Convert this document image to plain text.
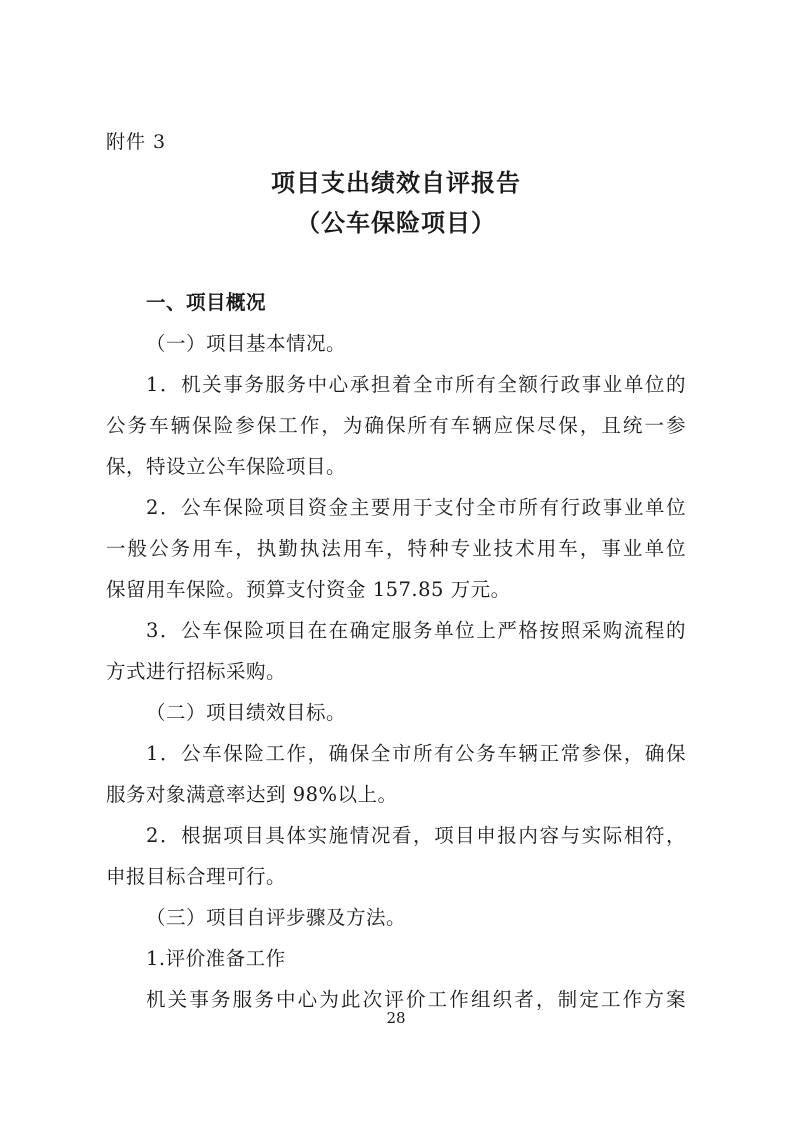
附件 3
项目支出绩效自评报告
（公车保险项目）
一、项目概况
（一）项目基本情况。
1．机关事务服务中心承担着全市所有全额行政事业单位的
公务车辆保险参保工作，为确保所有车辆应保尽保，且统一参
保，特设立公车保险项目。
2．公车保险项目资金主要用于支付全市所有行政事业单位
一般公务用车，执勤执法用车，特种专业技术用车，事业单位
保留用车保险。预算支付资金 157.85 万元。
3．公车保险项目在在确定服务单位上严格按照采购流程的
方式进行招标采购。
（二）项目绩效目标。
1．公车保险工作，确保全市所有公务车辆正常参保，确保
服务对象满意率达到 98%以上。
2．根据项目具体实施情况看，项目申报内容与实际相符，
申报目标合理可行。
（三）项目自评步骤及方法。
1.评价准备工作
机关事务服务中心为此次评价工作组织者，制定工作方案
28
